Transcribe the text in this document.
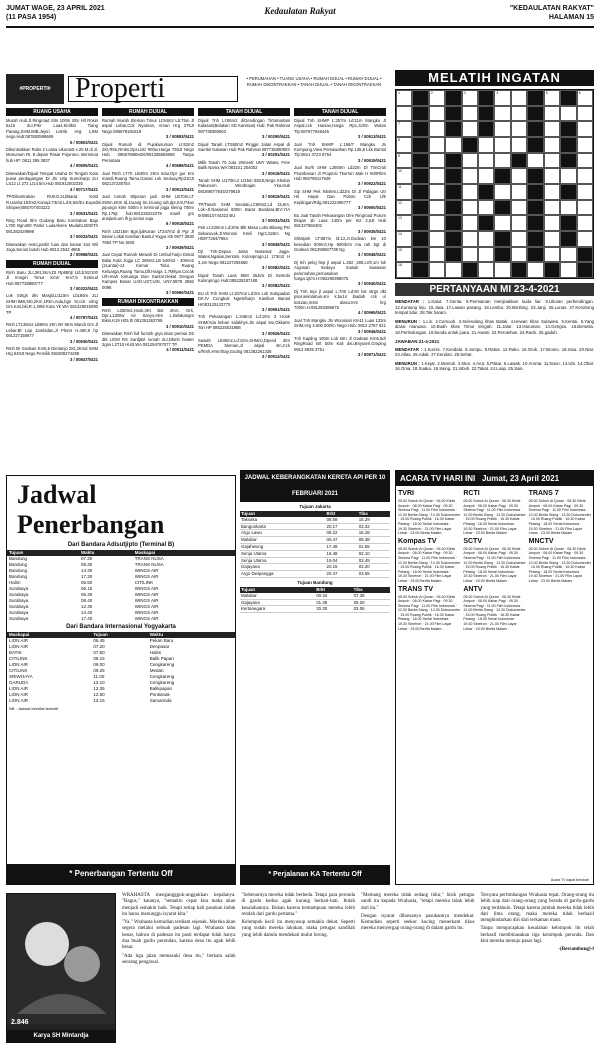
JUMAT WAGE, 23 APRIL 2021
(11 PASA 1954)
Kedaulatan Rakyat	"KEDAULATAN RAKYAT"
HALAMAN 15
#PROPERTI# Properti	• PERUMAHAN • TUANG USAHA • RUMAH DIJUAL • RUMAH DIJUAL • RUMAH DIKONTRAKKAN • TANAH DIJUAL • TANAH DIKONTRAKKAN
RUANG USAHA
Murah Hub.Jl.Ringroad Slm 100m Sltn Htl Rosin 5x15 2Lt,Prkr Luas.Kiritksi Tiang Parang,SHM,IMB,Jejeri Listrik. Hrg: 1,8M nego.Hub:087882596669
5 / 00803/0421
Dikontrakkan Ruko 2 Lantai Ukuran5 x 25 M di Jl. Monumen Rt. 8 depan Pasar Pojorono. Berminat hub HP: 0811 295 3837
4 / 00605/0421
Disewakan/Dijual Tempat Usaha Di Tengah Kota pusat perdagangan Di Jln Urip Sumoharjo 2Lt LS12 Lt 272 Lt14.5m.Hub 081912002335
4 / 00717/0421
TP/Dikontrakan RUKO,2Lt/Barat Kotd R.Usaha:183m2,Kanopi:73m2.Ld:8,5m/Ex.Expedisi Shopee)085707403222
3 / 00631/0421
Ring Road Slm Gudang Baru Kontrakan Baja L700 Bgn400 Parkir LuasAkses MudahLt200/Th 081382429998
3 / 00033/0421
Disewakan resto,parkir luas dan kamar kos Wil Joga.Serius butuh Hub 0813 2542 4965
3 / 00968/0421
RUMAH DIJUAL
Rmh Baru 2Lt,3Kt,2Km,Dt Rp680jt Lt/Lb:82/100 Jl Imogiri Timur Kmrr Km7,5 Ketinud Hub:087738880777
3 / 00322/0421
Lok Strtgs dkt Masjid,Lt110m Lb165m 2Lt SHM+IMB,5Kt,2Km,1Rtm,Aula,bgn br,cck u/tng Grs.Kos,bkl,R.1,30M Kota Yk WA 081328015090 TP
4 / 00787/0421
Rmh LT135m2 LB60m 2Kn Wr 9Km Mandi Grs Jl Lebar,Bt Lap Jambidan,Jl Pleret H.450,8 hp 081227158677
3 / 00930/0421
Rmh Br Godean Km5,5 Dimtanjo 2Kt,2Kmd SHM Hrg 540Jt Nego Pemilik 081809274288
3 / 00847/0421
RUMAH DIJUAL
Rumah Murah Sleman Timur Lt:94m2 Lb:75m Jl aspal Lebar,Cck Nyaman, Aman Hrg 375Jt Nego.085878181819
3 / 00893/0421
Dijual Rumah di Pujokusuman Lt:62m2 2Kt,Rtm,Rmkn,Dpr,Listr 900w,Harga 750Jt Nego Hub 085878889426/081285559065 Tanpa Perantara
4 / 00689/0421
Jual Rmh LT70 LB40m 2Km Iidur,Dpr gur Km mandi,Ruang Tamu,Garasi Lok Seduay,Rp210Jt 082137238754
3 / 00913/0421
Jual rumah 80peran jadi SHM LB70m,LT 250m,2Km td,1ruang tm,1ruang sdt,dpr,Km,P3an pipungn ktmr 500m k terminal jogja kleing 700m Rp.175jt hub:081228222278 masif gm ansijwis.um lh jy.serius saja
6 / 00918/0421
Rmh LB215m Bgn,ljalKaran LT347m2 di Pgr Jl Besar Lokal Kasihan Bantul Yogya Hb 0877 3830 7694 TP No SMS
3 / 00939/0421
Jual Cepat Rumah Mewah Di Umbul-harjo Dekat Balai Kota Jogja LC 285m2,LB 540m2 - 300ne2 (2Lantai)-14 Kamar Tidur, Ruang Keluarga,Ruang Tamu,Dll.Harga 1,7Milyar.Cocok U/h-mah Keluarga Dan Kantor.Dekat Dengan Kampus Besar UAD.UST,UIN, UNY.0878 3892 0096
3 / 00960/0421
RUMAH DIKONTRAKKAN
Rmh L250m2,Hook,3Kt Bst 2Km. Grs, Dpr,L1300w Air Sanyo,Hlm L.Belakangm Bikin,K19 H25,th 081391263789
3 / 00910/0421
Disewakan Rmh full furnish grya intan permai D2 dkt UGM RS Sardjitol rumah 2Lt,Dkmh heater 2gns L2T10 HUB.WA 081294787077 TP
4 / 00911/0421
TANAH DIJUAL
Dijual Tnh Lt:86m2 diGendingan Tirtomartani Kalasan(Belakan SD Kanisius) Hub: Pak Rahmat 087738380603
3 / 00290/0421
Dijual Tanah LT:550m2 Pinggir Jalan Aspal di Sambir Kalasan Hub Pak Rahmat 087738380603
3 / 00291/0421
Milik Tanah 70 Juta 20meetr UNY Wates, Free Balik Nama WA:083101 254002
3 / 00618/0421
Tanah SHM Lt170m,2 Lt15m 550Jt,Nego Kledan Pakuncen Wirobrajan Yka.Hub 0818987/7645/379819
3 / 00819/0421
TP/Tanah SHM Seedati,LC89m2,Ld 15,8m. Lok~Jl.Nasional 600m Barat Bandara.BIV:YIA 0ri08510744322 BU
3 / 00031/0421
Pek Lt:230m2 Ld:20m Blk Masa Loks Bibang Psr Sekaruvak.Jl.Wonosi Kmili Hgr1,526m Ng H0877284/7654
3 / 00849/0421
Dj/ Tnh,Depan Jalan Nasional Jogja-Wates,Ngalas,Sentolo Kulonprogo,Lt 173m2 H 3,2m Nego 081227294668
3 / 00082/0421
Dijual Tanah Luas 60M 35Jt/a Di Sentolo Kulonprogo Hub:085228187188
3 / 00082/0421
BU di Tnh SHM Lt:187m2 Ld:5m Lok Sutopadan DK.IV Cungkuk Ngestiharjo Kasihan Bantul Hr083125123770
3 / 00901/0421
Tnh Pekarangan L:248m2 Ld:10m 3 Hook SHM/Ada kebun salakhys.Jln aspal 5m,Gkkarto Tori HP 085225031988
3 / 00926/0421
Sawah L636m2,Ld:10m,SHM/U,Dpeed dtm PEMDA Sleman,Jl aspal 4m,Cck u/Rmh,Hrm/Stay,Gudng 081382261335
3 / 00912/0421
TANAH DIJUAL
Dijual Tnh SHMP L:25?m Ld:11m Mangku Jl Aspal,cck Hunian,Harga Rp1,3Jt/m Wates Tlp:087877646445
3 / 00913/0421
Jual Tnh SHMP L:166/7 Mangku Jn Kompung,View Persawahan Rp.135,8 Lks Bantul Tlp:0821 3723 8754
3 / 00919/0421
Jual Sw/h SHM L2800m Ld22m Di TimCroli Prambanan Jl Propinsi Tkurron Mak H 500Rbm Hub 085798117949
3 / 00922/0421
Sip SHM Pek ls546m,Ld22m Di Jl Palagan Utr Hit Hayat Dan Pobon Cck U/k Keplingan/Rdg.081222495777
3 / 00900/0421
Bu Jual Tanah Pekarangan Dire Ringroad Purum Brajan 1b Luas 140m per m2 2,5Jt Hub 081327650402
3 / 00935/0421
ShMipek LT:887m ld:12,JI.Godean km 10 kesedian 500m/r,Hp 600rb/m ma rah bgt di Godean 081390587739 Ng
3 / 00948/0421
Dj tnh pekg ltep jl aspal L.282 ,306,Lr/8,1m lok Argosari Sedayu masuk kawasan perumahan,pemasukan harga:1jt/m.H:082290396075
3 / 00940/0421
Dj Tnh tepi jl aspal L:700 Ld:50 lok strgs dkt psar,sekolahan,srv k,bu14 ibadah cck u/ kos2an,resto alasu:mm hrg 700/m.H:081283398675
4 / 00965/0421
Jual Tnh Mangku Jln Wonosari Km11 Luas 133m SHM,Hrg 4.500.000/m Nego Hub: 0812 2767 621
3 / 00946/0421
Tnh Kapling 100m Lok strn Jl Godean Km5,5dr RingRoad Brt 50m Kali dsu,Bnyuteri,Gmping 0812 6835 3751
3 / 00971/0421
MELATIH INGATAN
1	2	3	4	5	6
7
8
9
10
11
12
13
14
15
16
PERTANYAAN MI 23-4-2021
MENDATAR : 1.Kalut. 7.Genta. 8.Permainan menjinakkan kuda liar. 9.Ukuran perbendingan. 12.Kuntung leju. 15.Jiwa. 17.Lawan pasang. 18.Lembu. 20.Bimbing. 23.Janji. 26.Lunas. 27.Kerobong tempat tidur. 28.Tak haram.
MENURUN : 1.Lin. 2.Cemooh. 3.Selendang khas Batak. 4.Hewan khas Sulawesi. 5.Kentai. 6.Yang diarai manusia. 10.Buah khas Timur tengah. 11.Jalur. 13.Haruman. 14.Gengsu. 16.Berselia. 18.Perlindungan. 19.benda untuk juara. 21.Awam. 22.Perolehan. 24.Racik. 25.gaduh.
JAWABAN 21-4-2021
MENDATAR : 1.Kumis. 7.Kendala. 8.Jompu. 9.Ratna. 12.Ruko. 15.Orok. 17.Bromo. 18.Sisa. 20.Niat. 23.Atlas. 25.Adak. 27.Kendari. 28.Sehat.
MENURUN : 1.Kejar. 2.Momok. 3.Skor. 4.Arut. 5.Pakar. 6.Lawak. 10.Aroma. 11.Noun. 13.Ubi. 14.Obat. 16.Oma. 18.Suaka. 19.Saing. 21.Inbuh. 22.Takat. 24.Luap. 25.Sais.
Jadwal Penerbangan
Dari Bandara Adisutjipto (Terminal B)
Tujuan	Waktu	Maskapai
Bandung	07.30	TRANS NUSA
Bandung	08.30	TRANS NUSA
Bandung	14.30	WINGS AIR
Bandung	17.30	WINGS AIR
Halim	06.50	CITILINK
Surabaya	06.15	WINGS AIR
Surabaya	06.30	WINGS AIR
Surabaya	08.40	WINGS AIR
Surabaya	12.30	WINGS AIR
Surabaya	14.40	WINGS AIR
Surabaya	17.40	WINGS AIR
Dari Bandara Internasional Yogyakarta
Maskapai	Tujuan	Waktu
LION AIR	06.45	Pekan Baru
LION AIR	07.20	Denpasar
BATIK	07.50	Halim
CITILINK	08.15	Balik Papan
LION AIR	09.00	Cengkareng
CITILINK	09.25	Medan
SRIWIJAYA	11.00	Cengkareng
GARUDA	12.10	Cengkareng
LION AIR	12.35	Balikpapan
LION AIR	12.50	Pontianak
LION AIR	13.15	Samarinda
NB : Jadwal bersifat tentatif
* Penerbangan Tertentu Off
JADWAL KEBERANGKATAN KERETA API PER 10 FEBRUARI 2021
Tujuan Jakarta
Tujuan	Brkt	Tiba
Taksaka	08.58	15.29
Bangunkarta	20.17	03.32
Argo Lawu	09.22	16.28
Malabar	00.47	08.38
Gajahwong	17.48	01.55
Senja Utama	18.48	02.10
Senja Utama	19.04	02.45
Gajayana	20.15	03.20
Argo Dwipangga	20.47	03.55
Tujuan Bandung
Tujuan	Brkt	Tiba
Malabar	00.34	07.38
Gajayana	01.35	09.20
Kertanegara	20.30	03.06
* Perjalanan KA Tertentu Off
ACARA TV HARI INI Jumat, 23 April 2021
TVRI
05.00 Subuh Al Quran · 06.30 Klinik Ampuh · 08.00 Kabar Pagi · 09.30 Sinema Pagi · 11.00 Film Indonesia · 12.00 Berita Siang · 13.30 Dokumenter · 15.00 Ruang Publik · 16.30 Kabar Petang · 18.00 Serial Indonesia · 19.30 Sinetron · 21.00 Film Layar Lebar · 23.00 Berita Malam
Kompas TV
05.00 Subuh Al Quran · 06.30 Klinik Ampuh · 08.00 Kabar Pagi · 09.30 Sinema Pagi · 11.00 Film Indonesia · 12.00 Berita Siang · 13.30 Dokumenter · 15.00 Ruang Publik · 16.30 Kabar Petang · 18.00 Serial Indonesia · 19.30 Sinetron · 21.00 Film Layar Lebar · 23.00 Berita Malam
TRANS TV
05.00 Subuh Al Quran · 06.30 Klinik Ampuh · 08.00 Kabar Pagi · 09.30 Sinema Pagi · 11.00 Film Indonesia · 12.00 Berita Siang · 13.30 Dokumenter · 15.00 Ruang Publik · 16.30 Kabar Petang · 18.00 Serial Indonesia · 19.30 Sinetron · 21.00 Film Layar Lebar · 23.00 Berita Malam
RCTI
05.00 Subuh Al Quran · 06.30 Klinik Ampuh · 08.00 Kabar Pagi · 09.30 Sinema Pagi · 11.00 Film Indonesia · 12.00 Berita Siang · 13.30 Dokumenter · 15.00 Ruang Publik · 16.30 Kabar Petang · 18.00 Serial Indonesia · 19.30 Sinetron · 21.00 Film Layar Lebar · 23.00 Berita Malam
SCTV
05.00 Subuh Al Quran · 06.30 Klinik Ampuh · 08.00 Kabar Pagi · 09.30 Sinema Pagi · 11.00 Film Indonesia · 12.00 Berita Siang · 13.30 Dokumenter · 15.00 Ruang Publik · 16.30 Kabar Petang · 18.00 Serial Indonesia · 19.30 Sinetron · 21.00 Film Layar Lebar · 23.00 Berita Malam
ANTV
05.00 Subuh Al Quran · 06.30 Klinik Ampuh · 08.00 Kabar Pagi · 09.30 Sinema Pagi · 11.00 Film Indonesia · 12.00 Berita Siang · 13.30 Dokumenter · 15.00 Ruang Publik · 16.30 Kabar Petang · 18.00 Serial Indonesia · 19.30 Sinetron · 21.00 Film Layar Lebar · 23.00 Berita Malam
TRANS 7
05.00 Subuh Al Quran · 06.30 Klinik Ampuh · 08.00 Kabar Pagi · 09.30 Sinema Pagi · 11.00 Film Indonesia · 12.00 Berita Siang · 13.30 Dokumenter · 15.00 Ruang Publik · 16.30 Kabar Petang · 18.00 Serial Indonesia · 19.30 Sinetron · 21.00 Film Layar Lebar · 23.00 Berita Malam
MNCTV
05.00 Subuh Al Quran · 06.30 Klinik Ampuh · 08.00 Kabar Pagi · 09.30 Sinema Pagi · 11.00 Film Indonesia · 12.00 Berita Siang · 13.30 Dokumenter · 15.00 Ruang Publik · 16.30 Kabar Petang · 18.00 Serial Indonesia · 19.30 Sinetron · 21.00 Film Layar Lebar · 23.00 Berita Malam
Acara TV dapat berubah
2.846
Karya SH Mintardja

WRAHASTA menganggguk-anggukkan kepalanya. "Bagus," katanya, "semakin cepat kita maka akan menjadi semakin baik. Tetapi setiap kali pasukan induk itu harus menunggu isyarat kita."

"Ya." Wrahasta kemudian terdiam sejenak. Mereka akan segera melalui sebuah padesan lagi. Wrahasta tahu benar, bahwa di padesan itu pasti terdapat tidak hanya dua buah gardu perondan, karena desa itu agak lebih besar.

"Ada tiga jalan memasuki desa itu," berkata salah seorang pengawal.

"Sebenarnya mereka tidak berbeda. Tetapi para peronda di gardu kedua agak kurang berhati-hati. Itulah kesalahannya. Bukan karena kemampuan mereka lebih rendah dari gardu pertama."

Kelompok kecil itu menyusup semakin dekat. Seperti yang sudah mereka lakukan, maka petugas sandilah yang lebih dahulu mendekati mulut lorong.

"Memang mereka tidak sedang tidur," bisik petugas sandi itu kepada Wrahasta, "tetapi mereka tidak lebih dari itu."

Dengan isyarat dibawanya pasukannya mendekat. Kemudian seperti seekor kucing menerkam tikus mereka menyergap orang-orang di dalam gardu itu.

Ternyata pertimbangan Wrahasta tepat. Orang-orang itu lebih siap dari orang-orang yang berada di gardu-gardu yang terdahulu. Tetapi karena jumlah mereka tidak lebih dari lima orang, maka mereka tidak berhasil menghindarkan diri dari terkaman maut.

Tanpa mengucapkan kesalahan kelompok itu telah berhasil membinasakan tiga kelompok peronda. Dan kini mereka menuju pasar lagi.

-(Bersambung)-f
